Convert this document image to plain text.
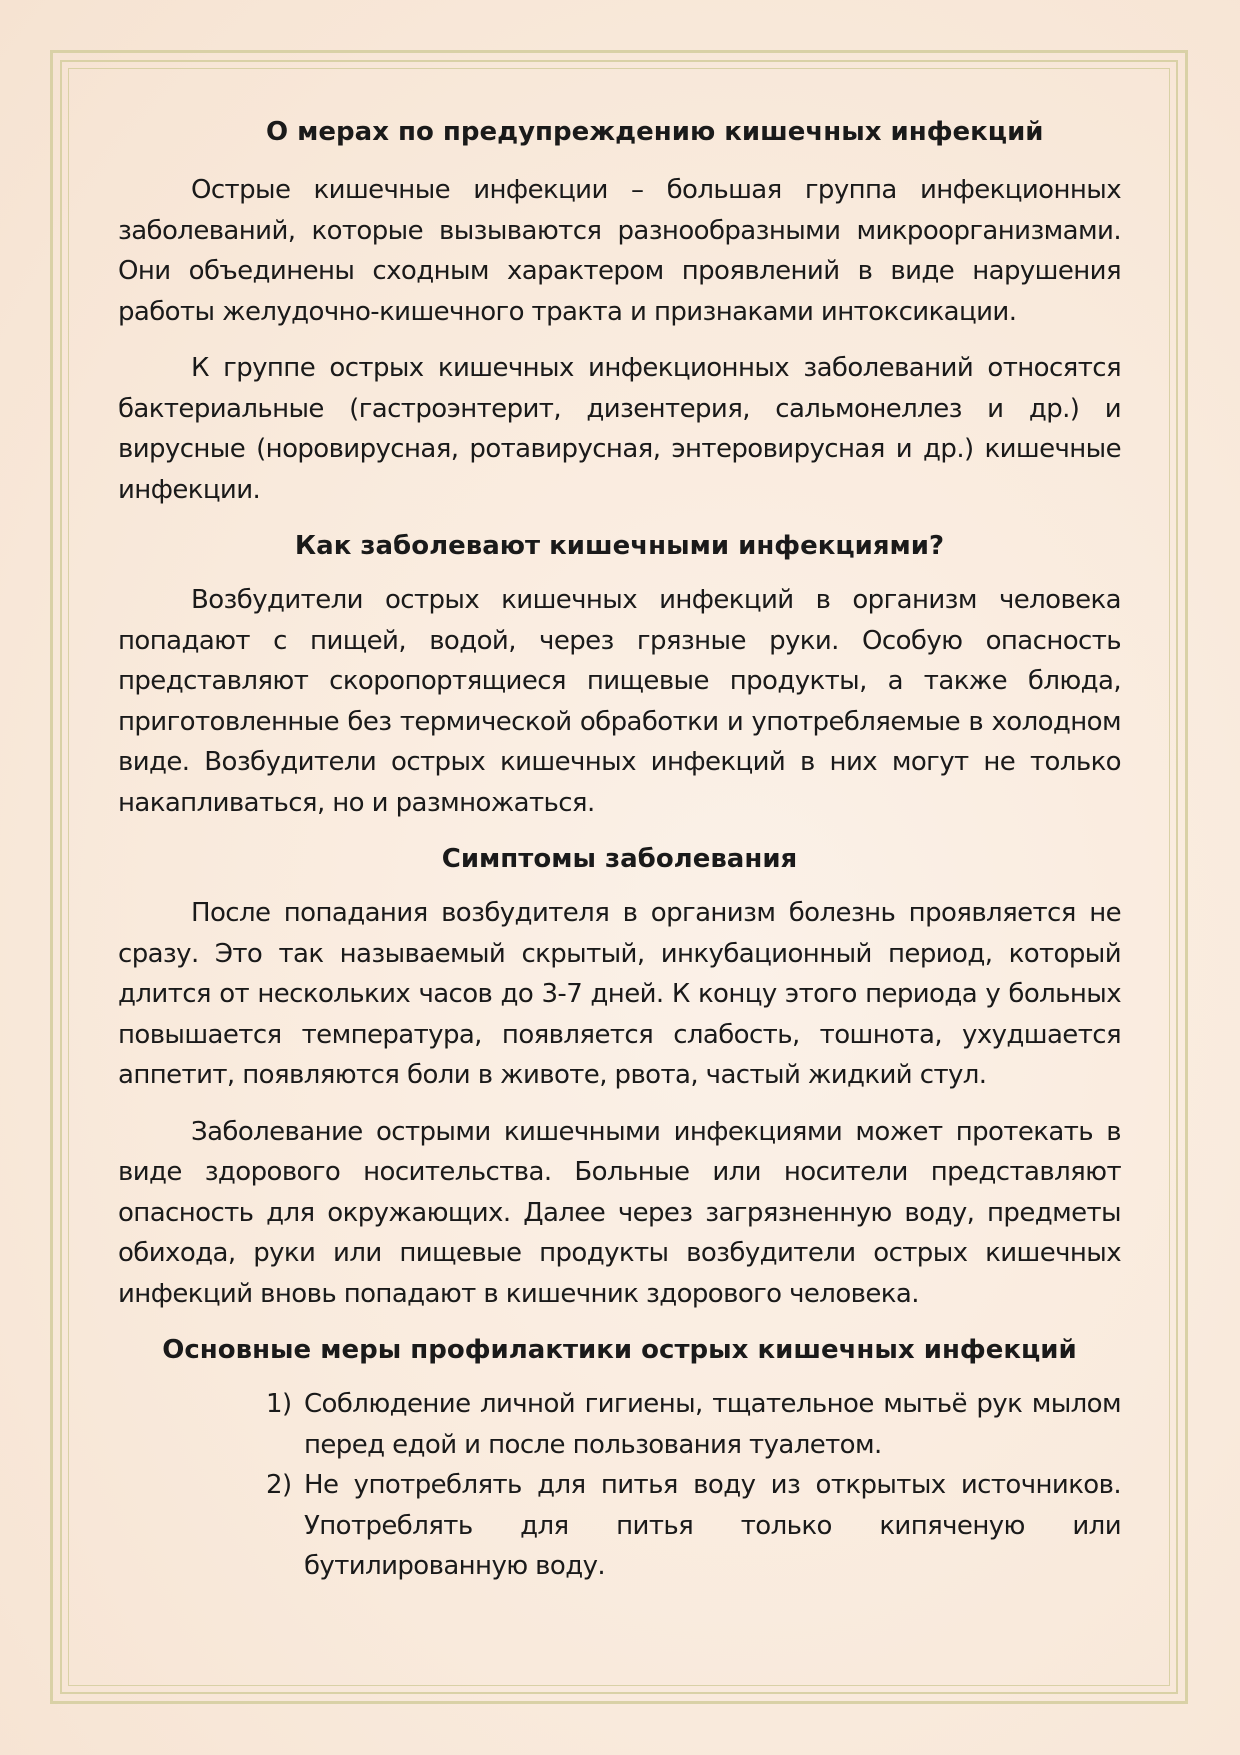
О мерах по предупреждению кишечных инфекций

Острые кишечные инфекции – большая группа инфекционных заболеваний, которые вызываются разнообразными микроорганизмами. Они объединены сходным характером проявлений в виде нарушения работы желудочно-кишечного тракта и признаками интоксикации.

К группе острых кишечных инфекционных заболеваний относятся бактериальные (гастроэнтерит, дизентерия, сальмонеллез и др.) и вирусные (норовирусная, ротавирусная, энтеровирусная и др.) кишечные инфекции.

Как заболевают кишечными инфекциями?

Возбудители острых кишечных инфекций в организм человека попадают с пищей, водой, через грязные руки. Особую опасность представляют скоропортящиеся пищевые продукты, а также блюда, приготовленные без термической обработки и употребляемые в холодном виде. Возбудители острых кишечных инфекций в них могут не только накапливаться, но и размножаться.

Симптомы заболевания

После попадания возбудителя в организм болезнь проявляется не сразу. Это так называемый скрытый, инкубационный период, который длится от нескольких часов до 3-7 дней. К концу этого периода у больных повышается температура, появляется слабость, тошнота, ухудшается аппетит, появляются боли в животе, рвота, частый жидкий стул.

Заболевание острыми кишечными инфекциями может протекать в виде здорового носительства. Больные или носители представляют опасность для окружающих. Далее через загрязненную воду, предметы обихода, руки или пищевые продукты возбудители острых кишечных инфекций вновь попадают в кишечник здорового человека.

Основные меры профилактики острых кишечных инфекций
1) Соблюдение личной гигиены, тщательное мытьё рук мылом перед едой и после пользования туалетом.
2) Не употреблять для питья воду из открытых источников. Употреблять для питья только кипяченую или бутилированную воду.
